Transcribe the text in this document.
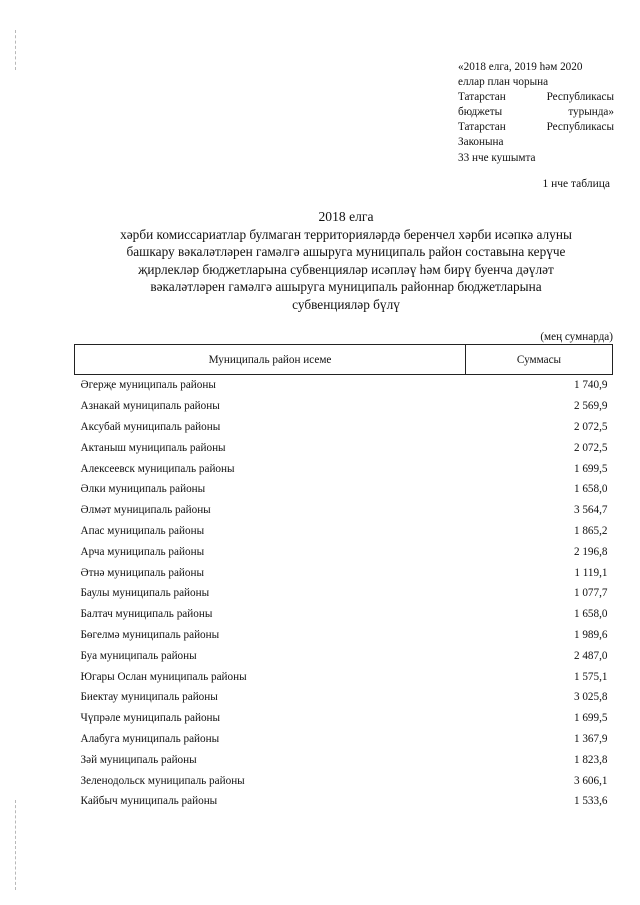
«2018 елга, 2019 һәм 2020
еллар план чорына
Татарстан	Республикасы
бюджеты	турында»
Татарстан	Республикасы
Законына
33 нче кушымта
1 нче таблица
2018 елга
хәрби комиссариатлар булмаган территорияләрдә беренчел хәрби исәпкә алуны
башкару вәкаләтләрен гамәлгә ашыруга муниципаль район составына керүче
җирлекләр бюджетларына субвенцияләр исәплəү һәм бирү буенча дәүләт
вәкаләтләрен гамәлгә ашыруга муниципаль районнар бюджетларына
субвенцияләр бүлү
(мең сумнарда)
Муниципаль район исеме	Суммасы
Әгерҗе муниципаль районы	1 740,9
Азнакай муниципаль районы	2 569,9
Аксубай муниципаль районы	2 072,5
Актаныш муниципаль районы	2 072,5
Алексеевск муниципаль районы	1 699,5
Әлки муниципаль районы	1 658,0
Әлмәт муниципаль районы	3 564,7
Апас муниципаль районы	1 865,2
Арча муниципаль районы	2 196,8
Әтнә муниципаль районы	1 119,1
Баулы муниципаль районы	1 077,7
Балтач муниципаль районы	1 658,0
Бөгелмә муниципаль районы	1 989,6
Буа муниципаль районы	2 487,0
Югары Ослан муниципаль районы	1 575,1
Биектау муниципаль районы	3 025,8
Чүпрәле муниципаль районы	1 699,5
Алабуга муниципаль районы	1 367,9
Зәй муниципаль районы	1 823,8
Зеленодольск муниципаль районы	3 606,1
Кайбыч муниципаль районы	1 533,6
